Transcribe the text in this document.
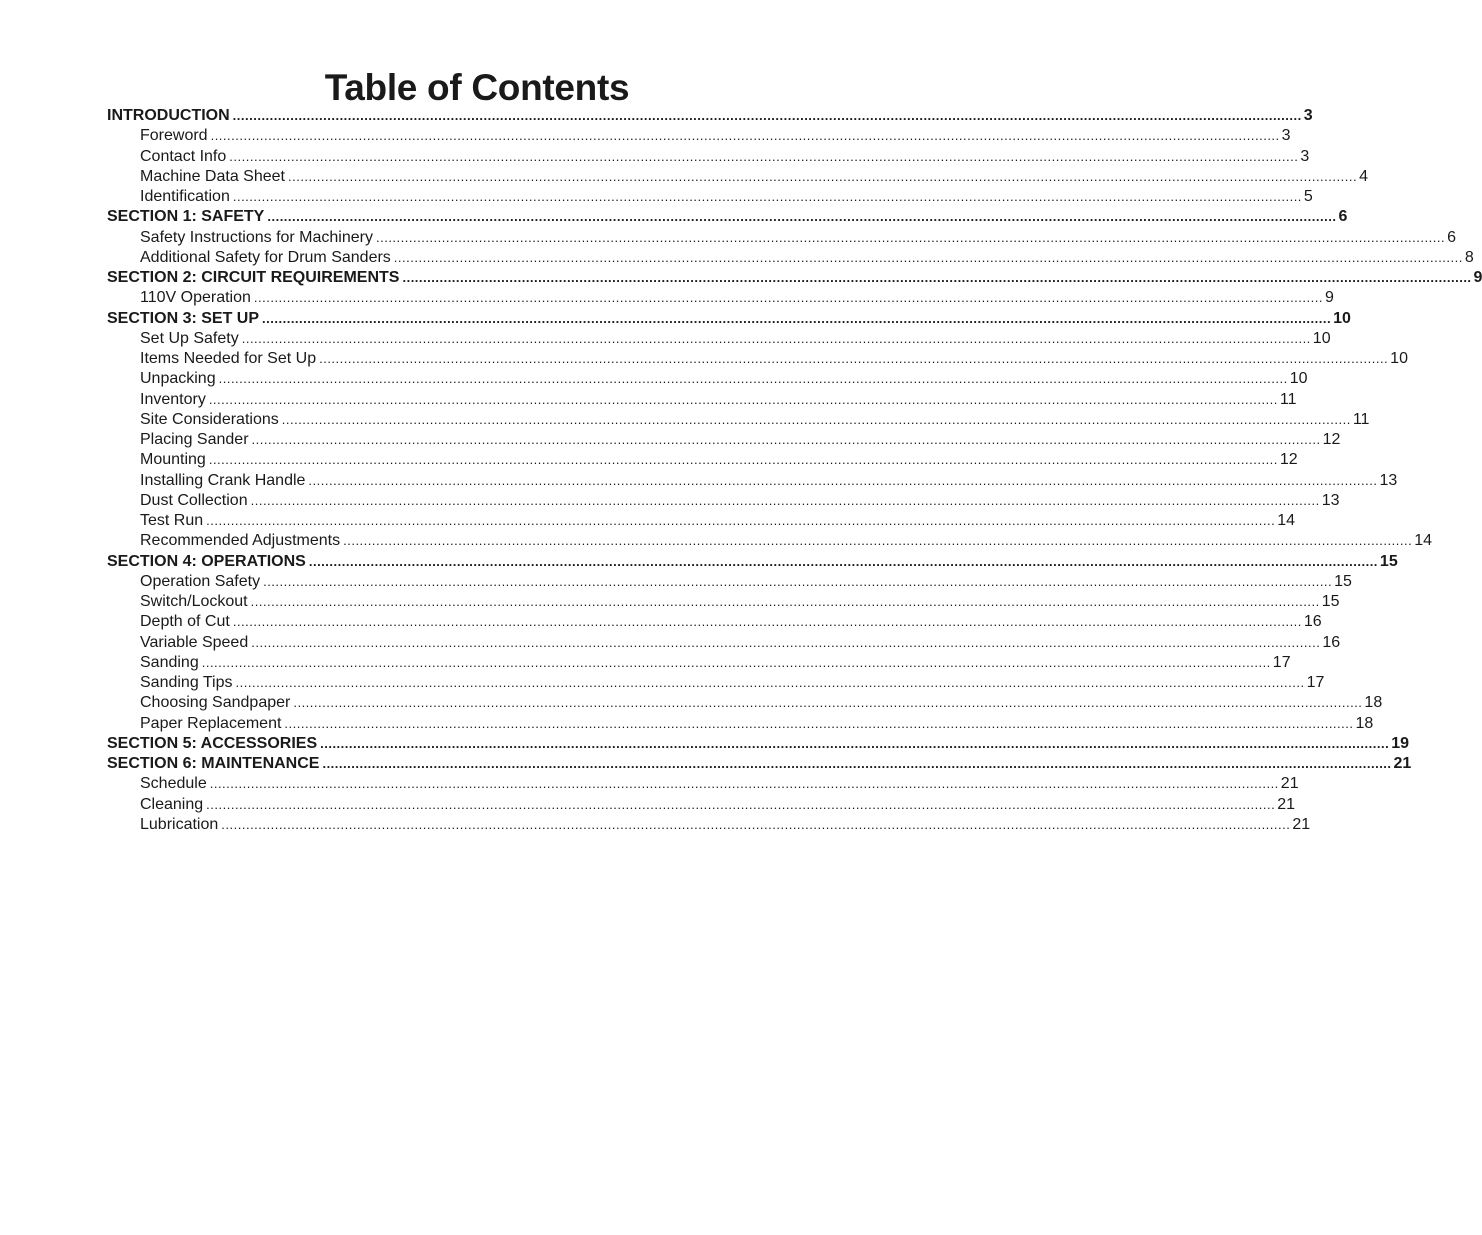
Table of Contents
INTRODUCTION .................................................................................................................................................................................................................................................................... 3
Foreword .................................................................................................................................................................................................................................................................... 3
Contact Info .................................................................................................................................................................................................................................................................... 3
Machine Data Sheet .................................................................................................................................................................................................................................................................... 4
Identification .................................................................................................................................................................................................................................................................... 5
SECTION 1: SAFETY .................................................................................................................................................................................................................................................................... 6
Safety Instructions for Machinery .................................................................................................................................................................................................................................................................... 6
Additional Safety for Drum Sanders .................................................................................................................................................................................................................................................................... 8
SECTION 2: CIRCUIT REQUIREMENTS .................................................................................................................................................................................................................................................................... 9
110V Operation .................................................................................................................................................................................................................................................................... 9
SECTION 3: SET UP .................................................................................................................................................................................................................................................................... 10
Set Up Safety .................................................................................................................................................................................................................................................................... 10
Items Needed for Set Up .................................................................................................................................................................................................................................................................... 10
Unpacking .................................................................................................................................................................................................................................................................... 10
Inventory .................................................................................................................................................................................................................................................................... 11
Site Considerations .................................................................................................................................................................................................................................................................... 11
Placing Sander .................................................................................................................................................................................................................................................................... 12
Mounting .................................................................................................................................................................................................................................................................... 12
Installing Crank Handle .................................................................................................................................................................................................................................................................... 13
Dust Collection .................................................................................................................................................................................................................................................................... 13
Test Run .................................................................................................................................................................................................................................................................... 14
Recommended Adjustments .................................................................................................................................................................................................................................................................... 14
SECTION 4: OPERATIONS .................................................................................................................................................................................................................................................................... 15
Operation Safety .................................................................................................................................................................................................................................................................... 15
Switch/Lockout .................................................................................................................................................................................................................................................................... 15
Depth of Cut .................................................................................................................................................................................................................................................................... 16
Variable Speed .................................................................................................................................................................................................................................................................... 16
Sanding .................................................................................................................................................................................................................................................................... 17
Sanding Tips .................................................................................................................................................................................................................................................................... 17
Choosing Sandpaper .................................................................................................................................................................................................................................................................... 18
Paper Replacement .................................................................................................................................................................................................................................................................... 18
SECTION 5: ACCESSORIES .................................................................................................................................................................................................................................................................... 19
SECTION 6: MAINTENANCE .................................................................................................................................................................................................................................................................... 21
Schedule .................................................................................................................................................................................................................................................................... 21
Cleaning .................................................................................................................................................................................................................................................................... 21
Lubrication .................................................................................................................................................................................................................................................................... 21
